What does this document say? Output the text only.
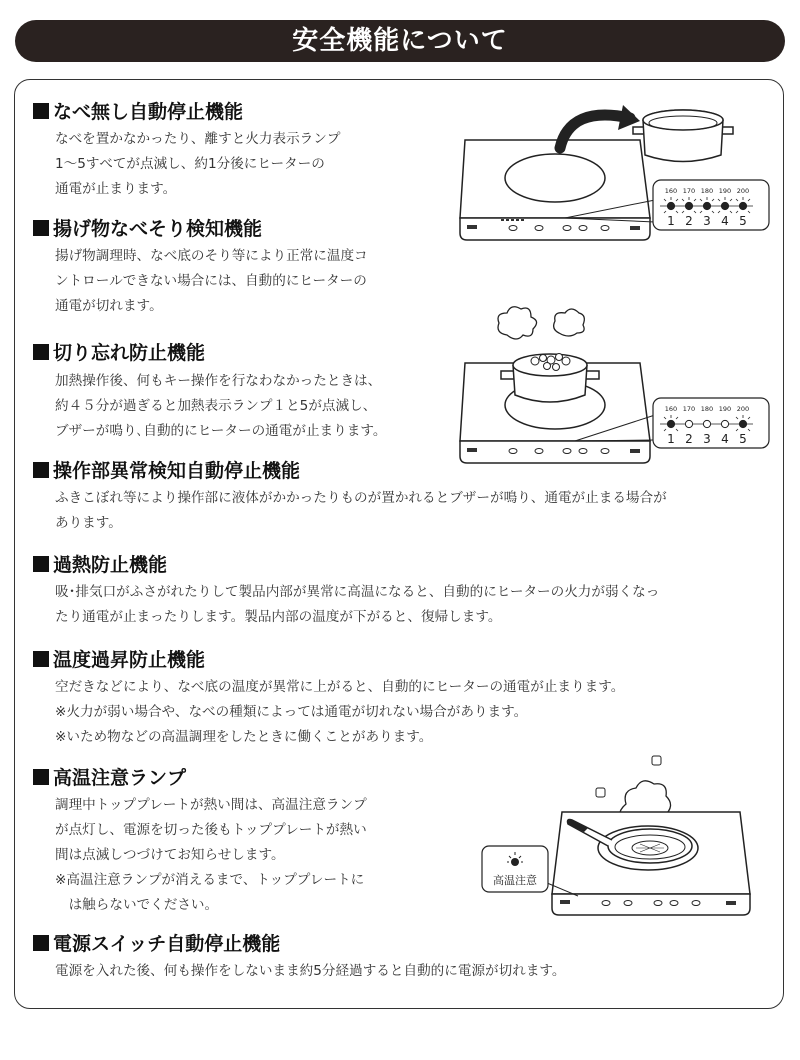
安全機能について
なべ無し自動停止機能
なべを置かなかったり、離すと火力表示ランプ
1～5すべてが点滅し、約1分後にヒーターの
通電が止まります。
揚げ物なべそり検知機能
揚げ物調理時、なべ底のそり等により正常に温度コ
ントロールできない場合には、自動的にヒーターの
通電が切れます。
切り忘れ防止機能
加熱操作後、何もキー操作を行なわなかったときは、
約４５分が過ぎると加熱表示ランプ１と5が点滅し、
ブザーが鳴り､自動的にヒーターの通電が止まります。
操作部異常検知自動停止機能
ふきこぼれ等により操作部に液体がかかったりものが置かれるとブザーが鳴り、通電が止まる場合が
あります。
過熱防止機能
吸･排気口がふさがれたりして製品内部が異常に高温になると、自動的にヒーターの火力が弱くなっ
たり通電が止まったりします。製品内部の温度が下がると、復帰します。
温度過昇防止機能
空だきなどにより、なべ底の温度が異常に上がると、自動的にヒーターの通電が止まります。
※火力が弱い場合や、なべの種類によっては通電が切れない場合があります。
※いため物などの高温調理をしたときに働くことがあります。
高温注意ランプ
調理中トッププレートが熱い間は、高温注意ランプ
が点灯し、電源を切った後もトッププレートが熱い
間は点滅しつづけてお知らせします。
※高温注意ランプが消えるまで、トッププレートに
　は触らないでください。
電源スイッチ自動停止機能
電源を入れた後、何も操作をしないまま約5分経過すると自動的に電源が切れます。
160 170 180 190 200
1 2 3 4 5
160 170 180 190 200
1 2 3 4 5
高温注意
